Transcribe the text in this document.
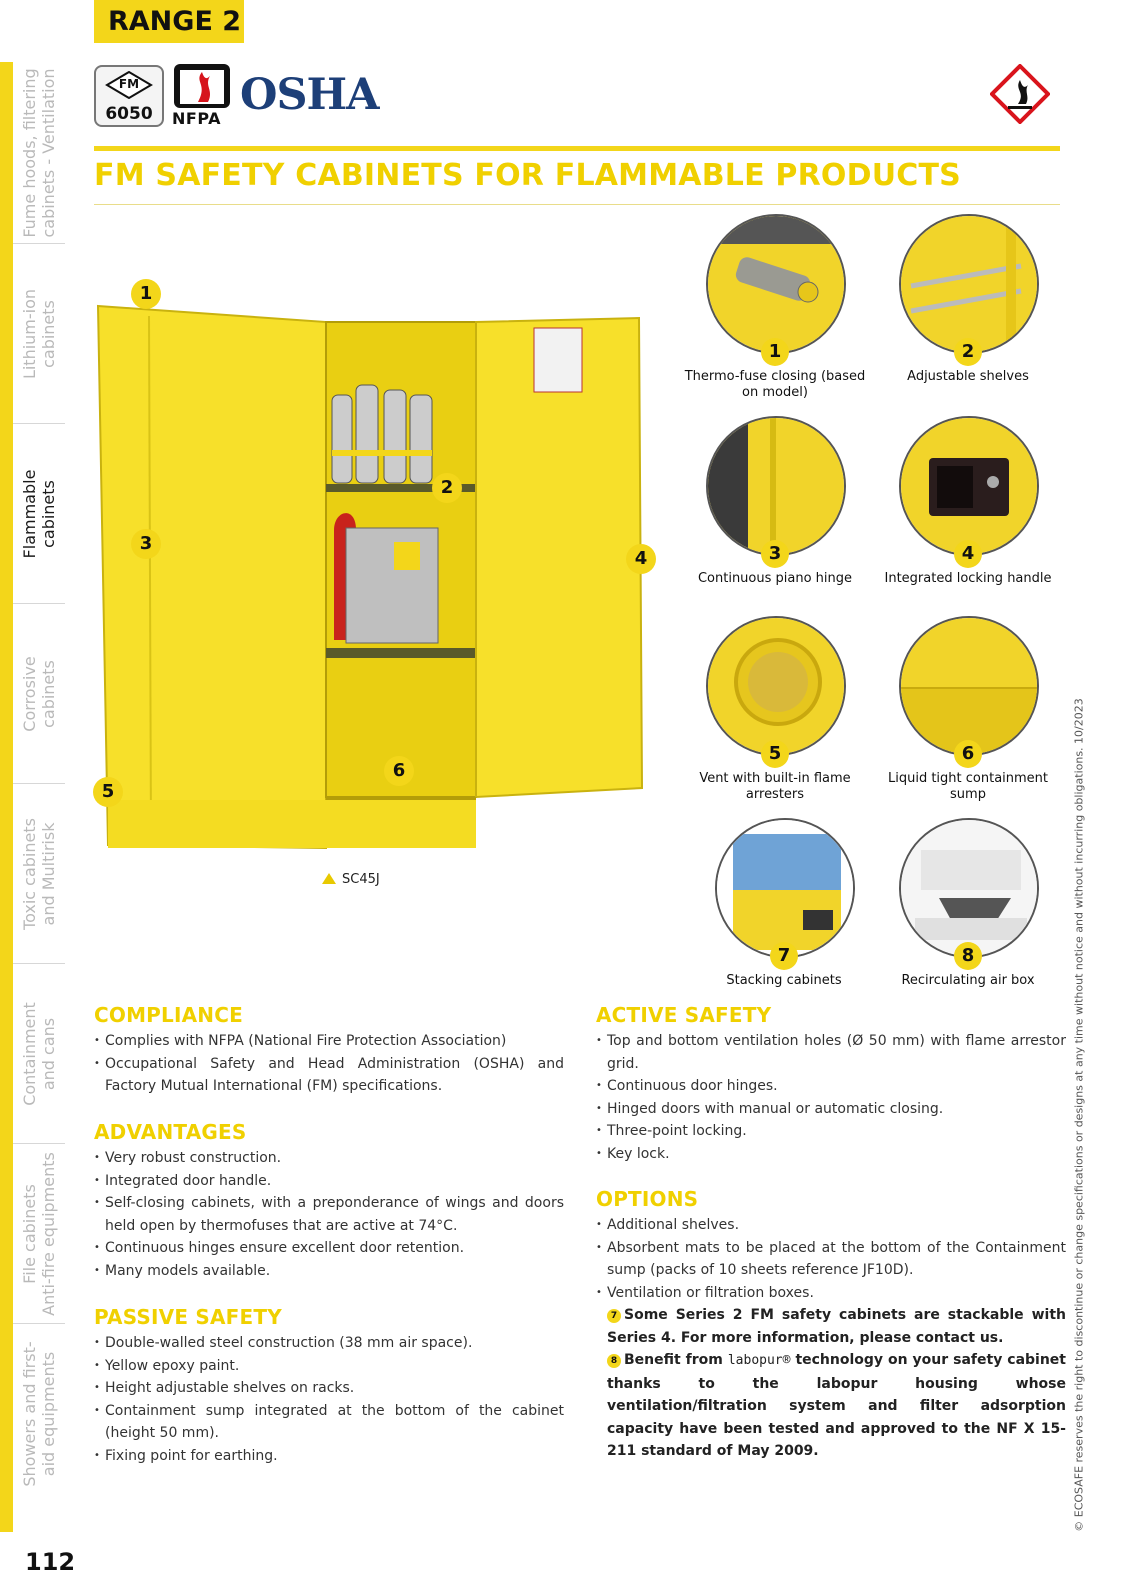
Fume hoods, filtering
cabinets - Ventilation
Lithium-ion
cabinets
Flammable
cabinets
Corrosive
cabinets
Toxic cabinets
and Multirisk
Containment
and cans
File cabinets
Anti-fire equipments
Showers and first-
aid equipments
112
RANGE 2
FM
6050	NFPA OSHA
FM SAFETY CABINETS FOR FLAMMABLE PRODUCTS
1
2
3
4
5
6
SC45J
1
Thermo-fuse closing (based on model)
2
Adjustable shelves
3
Continuous piano hinge
4
Integrated locking handle
5
Vent with built-in flame arresters
6
Liquid tight containment sump
7
Stacking cabinets
8
Recirculating air box
COMPLIANCE
• Complies with NFPA (National Fire Protection Association)
• Occupational Safety and Head Administration (OSHA) and Factory Mutual International (FM) specifications.
ADVANTAGES
• Very robust construction.
• Integrated door handle.
• Self-closing cabinets, with a preponderance of wings and doors held open by thermofuses that are active at 74°C.
• Continuous hinges ensure excellent door retention.
• Many models available.
PASSIVE SAFETY
• Double-walled steel construction (38 mm air space).
• Yellow epoxy paint.
• Height adjustable shelves on racks.
• Containment sump integrated at the bottom of the cabinet (height 50 mm).
• Fixing point for earthing.
ACTIVE SAFETY
• Top and bottom ventilation holes (Ø 50 mm) with flame arrestor grid.
• Continuous door hinges.
• Hinged doors with manual or automatic closing.
• Three-point locking.
• Key lock.
OPTIONS
• Additional shelves.
• Absorbent mats to be placed at the bottom of the Containment sump (packs of 10 sheets reference JF10D).
• Ventilation or filtration boxes.
7 Some Series 2 FM safety cabinets are stackable with Series 4. For more information, please contact us.
8 Benefit from labopur® technology on your safety cabinet thanks to the labopur housing whose ventilation/filtration system and filter adsorption capacity have been tested and approved to the NF X 15-211 standard of May 2009.	© ECOSAFE reserves the right to discontinue or change specifications or designs at any time without notice and without incurring obligations. 10/2023
